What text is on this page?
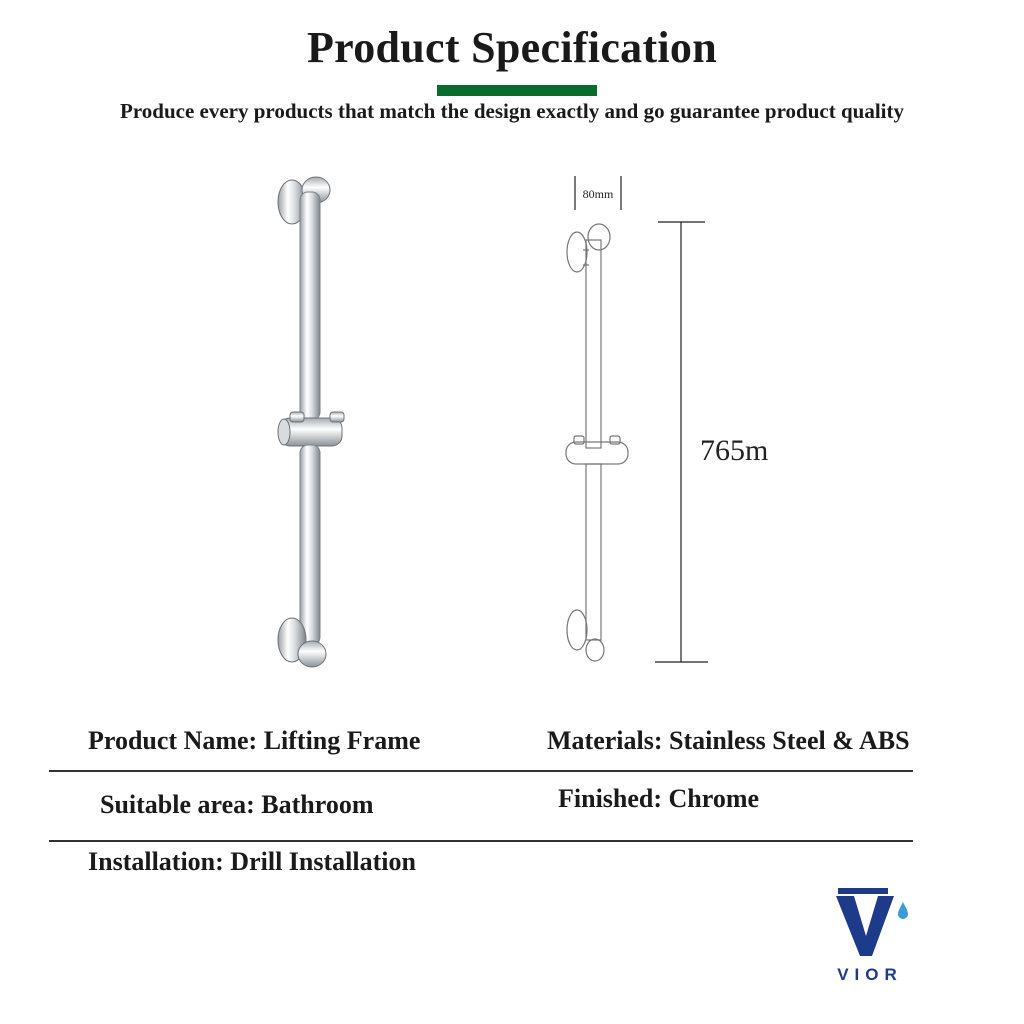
Product Specification
Produce every products that match the design exactly and go guarantee product quality
80mm
765m
Product Name: Lifting Frame	Materials: Stainless Steel & ABS
Suitable area: Bathroom	Finished: Chrome
Installation: Drill Installation
VIOR
